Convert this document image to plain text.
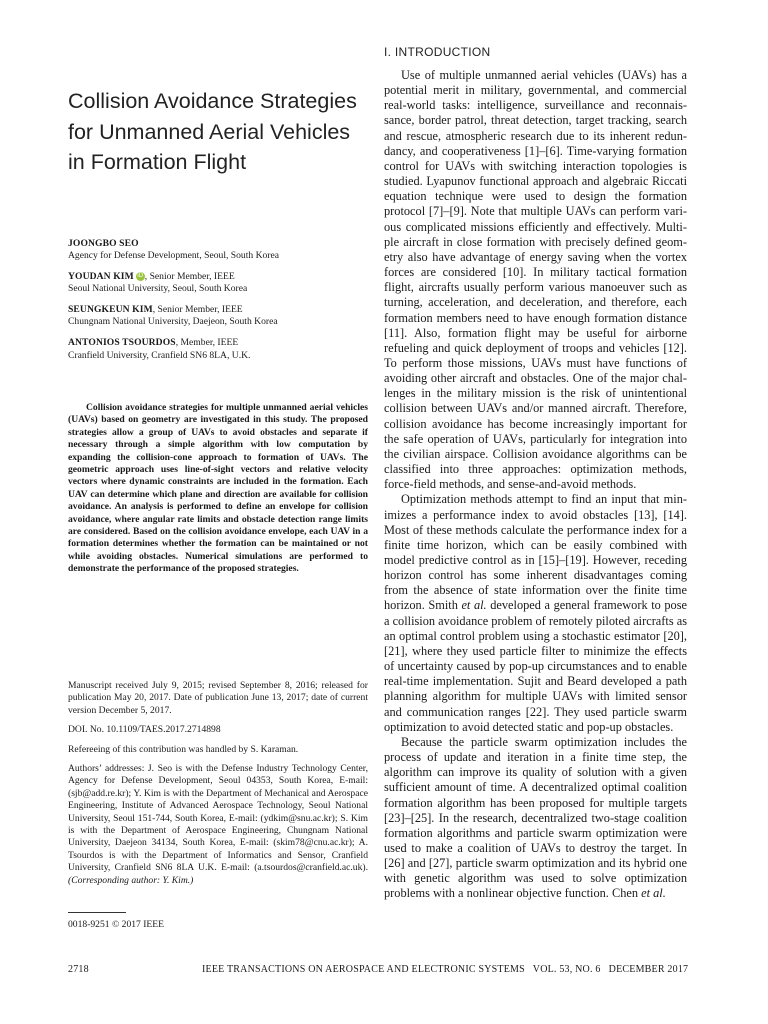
Collision Avoidance Strategies for Unmanned Aerial Vehicles in Formation Flight
JOONGBO SEO
Agency for Defense Development, Seoul, South Korea
YOUDAN KIM iD , Senior Member, IEEE
Seoul National University, Seoul, South Korea
SEUNGKEUN KIM, Senior Member, IEEE
Chungnam National University, Daejeon, South Korea
ANTONIOS TSOURDOS, Member, IEEE
Cranfield University, Cranfield SN6 8LA, U.K.
Collision avoidance strategies for multiple unmanned aerial vehicles (UAVs) based on geometry are investigated in this study. The proposed strategies allow a group of UAVs to avoid obstacles and separate if necessary through a simple algorithm with low computation by expanding the collision-cone approach to formation of UAVs. The geometric approach uses line-of-sight vectors and relative velocity vectors where dynamic constraints are included in the formation. Each UAV can determine which plane and direction are available for collision avoidance. An analysis is performed to define an envelope for collision avoidance, where angular rate limits and obstacle detection range limits are considered. Based on the collision avoidance envelope, each UAV in a formation determines whether the formation can be maintained or not while avoiding obstacles. Numerical simulations are performed to demonstrate the performance of the proposed strategies.

Manuscript received July 9, 2015; revised September 8, 2016; released for publication May 20, 2017. Date of publication June 13, 2017; date of current version December 5, 2017.

DOI. No. 10.1109/TAES.2017.2714898

Refereeing of this contribution was handled by S. Karaman.

Authors’ addresses: J. Seo is with the Defense Industry Technology Center, Agency for Defense Development, Seoul 04353, South Korea, E-mail: (sjb@add.re.kr); Y. Kim is with the Department of Mechanical and Aerospace Engineering, Institute of Advanced Aerospace Technology, Seoul National University, Seoul 151-744, South Korea, E-mail: (ydkim@snu.ac.kr); S. Kim is with the Department of Aerospace Engineering, Chungnam National University, Daejeon 34134, South Korea, E-mail: (skim78@cnu.ac.kr); A. Tsourdos is with the Department of Informatics and Sensor, Cranfield University, Cranfield SN6 8LA U.K. E-mail: (a.tsourdos@cranfield.ac.uk). (Corresponding author: Y. Kim.)

0018-9251 © 2017 IEEE
I. INTRODUCTION

Use of multiple unmanned aerial vehicles (UAVs) has a potential merit in military, governmental, and commercial real-world tasks: intelligence, surveillance and reconnaissance, border patrol, threat detection, target tracking, search and rescue, atmospheric research due to its inherent redundancy, and cooperativeness [1]–[6]. Time-varying formation control for UAVs with switching interaction topologies is studied. Lyapunov functional approach and algebraic Riccati equation technique were used to design the formation protocol [7]–[9]. Note that multiple UAVs can perform various complicated missions efficiently and effectively. Multiple aircraft in close formation with precisely defined geometry also have advantage of energy saving when the vortex forces are considered [10]. In military tactical formation flight, aircrafts usually perform various manoeuver such as turning, acceleration, and deceleration, and therefore, each formation members need to have enough formation distance [11]. Also, formation flight may be useful for airborne refueling and quick deployment of troops and vehicles [12]. To perform those missions, UAVs must have functions of avoiding other aircraft and obstacles. One of the major challenges in the military mission is the risk of unintentional collision between UAVs and/or manned aircraft. Therefore, collision avoidance has become increasingly important for the safe operation of UAVs, particularly for integration into the civilian airspace. Collision avoidance algorithms can be classified into three approaches: optimization methods, force-field methods, and sense-and-avoid methods.

Optimization methods attempt to find an input that minimizes a performance index to avoid obstacles [13], [14]. Most of these methods calculate the performance index for a finite time horizon, which can be easily combined with model predictive control as in [15]–[19]. However, receding horizon control has some inherent disadvantages coming from the absence of state information over the finite time horizon. Smith et al. developed a general framework to pose a collision avoidance problem of remotely piloted aircrafts as an optimal control problem using a stochastic estimator [20], [21], where they used particle filter to minimize the effects of uncertainty caused by pop-up circumstances and to enable real-time implementation. Sujit and Beard developed a path planning algorithm for multiple UAVs with limited sensor and communication ranges [22]. They used particle swarm optimization to avoid detected static and pop-up obstacles.

Because the particle swarm optimization includes the process of update and iteration in a finite time step, the algorithm can improve its quality of solution with a given sufficient amount of time. A decentralized optimal coalition formation algorithm has been proposed for multiple targets [23]–[25]. In the research, decentralized two-stage coalition formation algorithms and particle swarm optimization were used to make a coalition of UAVs to destroy the target. In [26] and [27], particle swarm optimization and its hybrid one with genetic algorithm was used to solve optimization problems with a nonlinear objective function. Chen et al.

2718	IEEE TRANSACTIONS ON AEROSPACE AND ELECTRONIC SYSTEMS   VOL. 53, NO. 6   DECEMBER 2017
